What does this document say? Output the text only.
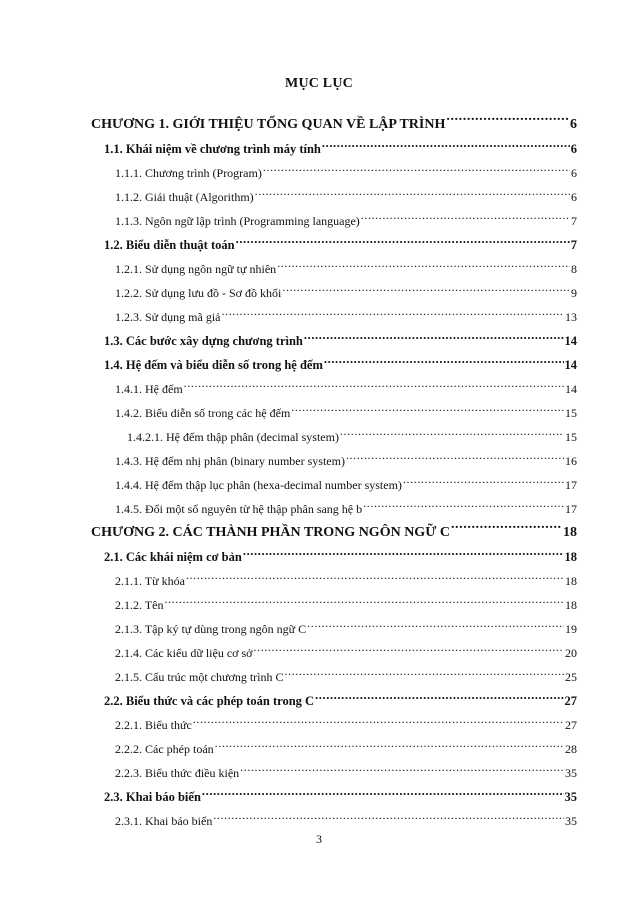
MỤC LỤC
CHƯƠNG 1. GIỚI THIỆU TỔNG QUAN VỀ LẬP TRÌNH .....	6
1.1. Khái niệm về chương trình máy tính .....	6
1.1.1. Chương trình (Program) .....	6
1.1.2. Giải thuật (Algorithm) .....	6
1.1.3. Ngôn ngữ lập trình (Programming language) .....	7
1.2. Biểu diễn thuật toán .....	7
1.2.1. Sử dụng ngôn ngữ tự nhiên .....	8
1.2.2. Sử dụng lưu đồ - Sơ đồ khối .....	9
1.2.3. Sử dụng mã giả .....	13
1.3. Các bước xây dựng chương trình .....	14
1.4. Hệ đếm và biểu diễn số trong hệ đếm .....	14
1.4.1. Hệ đếm .....	14
1.4.2. Biểu diễn số trong các hệ đếm .....	15
1.4.2.1. Hệ đếm thập phân (decimal system) .....	15
1.4.3. Hệ đếm nhị phân (binary number system) .....	16
1.4.4. Hệ đếm thập lục phân (hexa-decimal number system) .....	17
1.4.5. Đổi một số nguyên từ hệ thập phân sang hệ b .....	17
CHƯƠNG 2. CÁC THÀNH PHẦN TRONG NGÔN NGỮ C .....	18
2.1. Các khái niệm cơ bản .....	18
2.1.1. Từ khóa .....	18
2.1.2. Tên .....	18
2.1.3. Tập ký tự dùng trong ngôn ngữ C .....	19
2.1.4. Các kiểu dữ liệu cơ sở .....	20
2.1.5. Cấu trúc một chương trình C .....	25
2.2. Biểu thức và các phép toán trong C .....	27
2.2.1. Biểu thức .....	27
2.2.2. Các phép toán .....	28
2.2.3. Biểu thức điều kiện .....	35
2.3. Khai báo biến .....	35
2.3.1. Khai báo biến .....	35
3
